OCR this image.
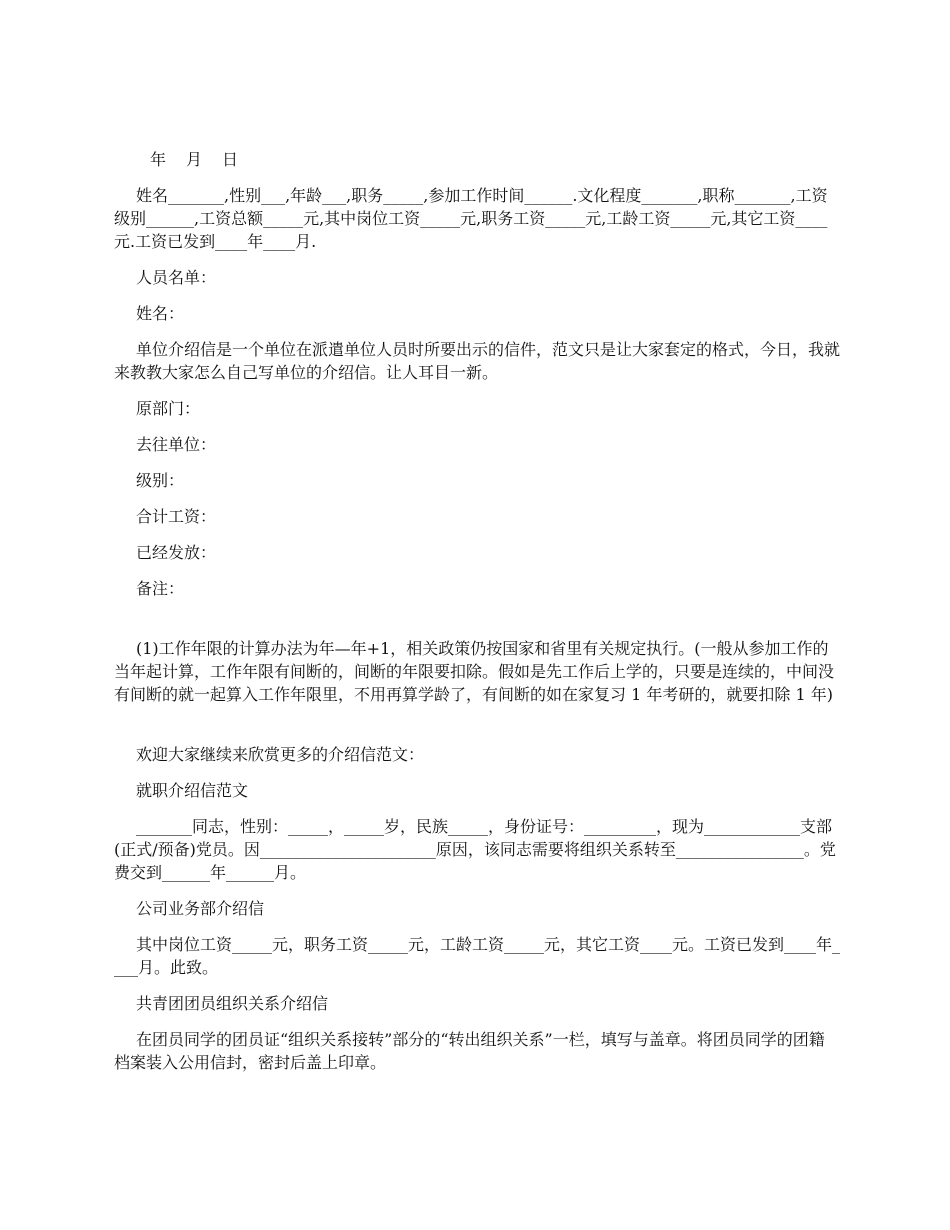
年 月 日

姓名_______,性别___,年龄___,职务_____,参加工作时间______.文化程度_______,职称_______,工资级别______,工资总额_____元,其中岗位工资_____元,职务工资_____元,工龄工资_____元,其它工资____元.工资已发到____年____月.

人员名单：

姓名：

单位介绍信是一个单位在派遣单位人员时所要出示的信件，范文只是让大家套定的格式，今日，我就来教教大家怎么自己写单位的介绍信。让人耳目一新。

原部门：

去往单位：

级别：

合计工资：

已经发放：

备注：

(1)工作年限的计算办法为年—年+1，相关政策仍按国家和省里有关规定执行。(一般从参加工作的当年起计算，工作年限有间断的，间断的年限要扣除。假如是先工作后上学的，只要是连续的，中间没有间断的就一起算入工作年限里，不用再算学龄了，有间断的如在家复习 1 年考研的，就要扣除 1 年)

欢迎大家继续来欣赏更多的介绍信范文：

就职介绍信范文

_______同志，性别：_____，_____岁，民族_____，身份证号：_________，现为____________支部(正式/预备)党员。因______________________原因，该同志需要将组织关系转至________________。党费交到______年______月。

公司业务部介绍信

其中岗位工资_____元，职务工资_____元，工龄工资_____元，其它工资____元。工资已发到____年____月。此致。

共青团团员组织关系介绍信

在团员同学的团员证“组织关系接转”部分的“转出组织关系”一栏，填写与盖章。将团员同学的团籍档案装入公用信封，密封后盖上印章。
